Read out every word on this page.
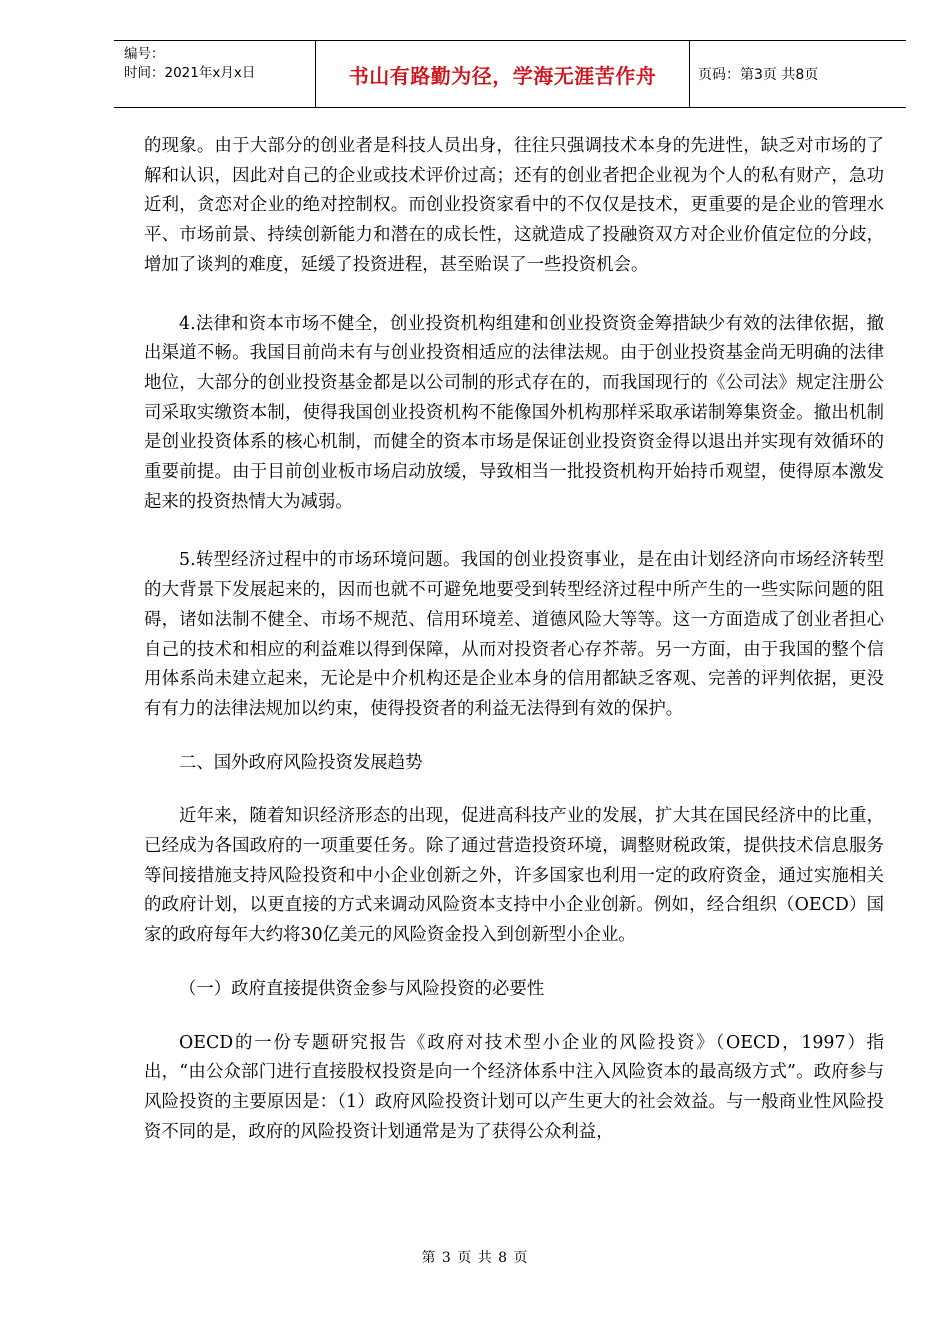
编号：
时间：2021年x月x日	书山有路勤为径，学海无涯苦作舟	页码：第3页 共8页

的现象。由于大部分的创业者是科技人员出身，往往只强调技术本身的先进性，缺乏对市场的了解和认识，因此对自己的企业或技术评价过高；还有的创业者把企业视为个人的私有财产，急功近利，贪恋对企业的绝对控制权。而创业投资家看中的不仅仅是技术，更重要的是企业的管理水平、市场前景、持续创新能力和潜在的成长性，这就造成了投融资双方对企业价值定位的分歧，增加了谈判的难度，延缓了投资进程，甚至贻误了一些投资机会。

4.法律和资本市场不健全，创业投资机构组建和创业投资资金筹措缺少有效的法律依据，撤出渠道不畅。我国目前尚未有与创业投资相适应的法律法规。由于创业投资基金尚无明确的法律地位，大部分的创业投资基金都是以公司制的形式存在的，而我国现行的《公司法》规定注册公司采取实缴资本制，使得我国创业投资机构不能像国外机构那样采取承诺制筹集资金。撤出机制是创业投资体系的核心机制，而健全的资本市场是保证创业投资资金得以退出并实现有效循环的重要前提。由于目前创业板市场启动放缓，导致相当一批投资机构开始持币观望，使得原本激发起来的投资热情大为减弱。

5.转型经济过程中的市场环境问题。我国的创业投资事业，是在由计划经济向市场经济转型的大背景下发展起来的，因而也就不可避免地要受到转型经济过程中所产生的一些实际问题的阻碍，诸如法制不健全、市场不规范、信用环境差、道德风险大等等。这一方面造成了创业者担心自己的技术和相应的利益难以得到保障，从而对投资者心存芥蒂。另一方面，由于我国的整个信用体系尚未建立起来，无论是中介机构还是企业本身的信用都缺乏客观、完善的评判依据，更没有有力的法律法规加以约束，使得投资者的利益无法得到有效的保护。

二、国外政府风险投资发展趋势

近年来，随着知识经济形态的出现，促进高科技产业的发展，扩大其在国民经济中的比重，已经成为各国政府的一项重要任务。除了通过营造投资环境，调整财税政策，提供技术信息服务等间接措施支持风险投资和中小企业创新之外，许多国家也利用一定的政府资金，通过实施相关的政府计划，以更直接的方式来调动风险资本支持中小企业创新。例如，经合组织（OECD）国家的政府每年大约将30亿美元的风险资金投入到创新型小企业。

（一）政府直接提供资金参与风险投资的必要性

OECD的一份专题研究报告《政府对技术型小企业的风险投资》（OECD，1997）指出，“由公众部门进行直接股权投资是向一个经济体系中注入风险资本的最高级方式”。政府参与风险投资的主要原因是：（1）政府风险投资计划可以产生更大的社会效益。与一般商业性风险投资不同的是，政府的风险投资计划通常是为了获得公众利益，

第 3 页 共 8 页
